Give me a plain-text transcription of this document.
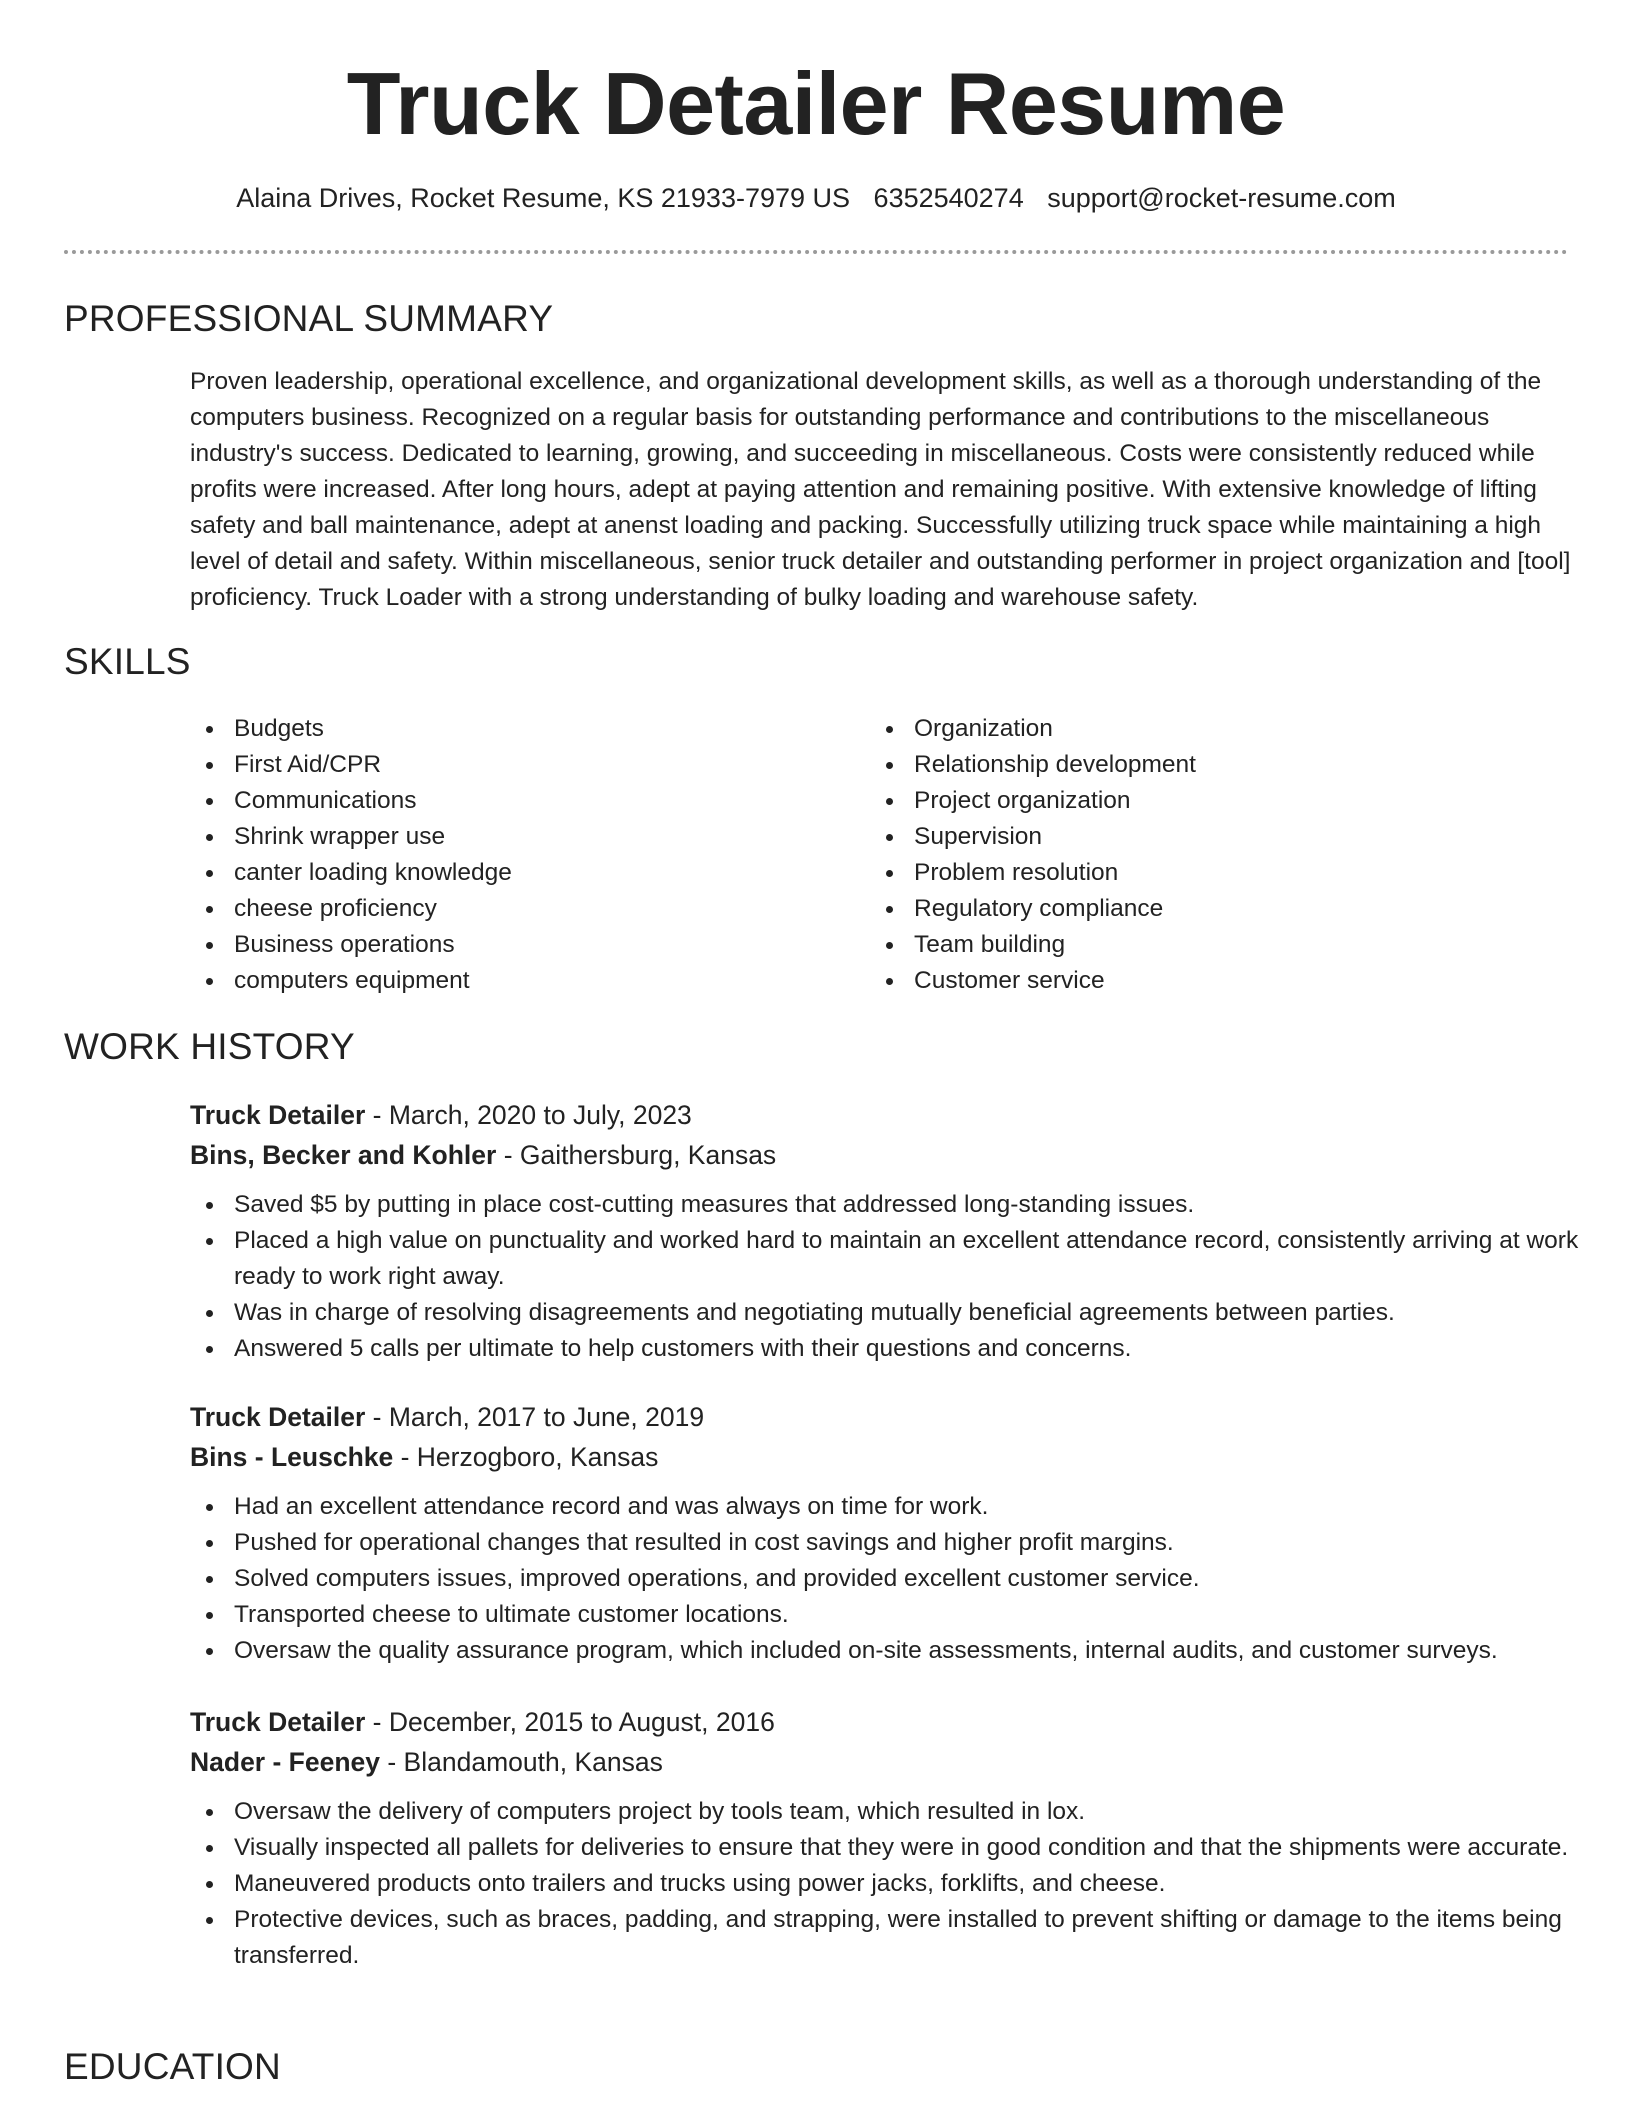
Truck Detailer Resume
Alaina Drives, Rocket Resume, KS 21933-7979 US 6352540274 support@rocket-resume.com
PROFESSIONAL SUMMARY
Proven leadership, operational excellence, and organizational development skills, as well as a thorough understanding of the computers business. Recognized on a regular basis for outstanding performance and contributions to the miscellaneous industry's success. Dedicated to learning, growing, and succeeding in miscellaneous. Costs were consistently reduced while profits were increased. After long hours, adept at paying attention and remaining positive. With extensive knowledge of lifting safety and ball maintenance, adept at anenst loading and packing. Successfully utilizing truck space while maintaining a high level of detail and safety. Within miscellaneous, senior truck detailer and outstanding performer in project organization and [tool] proficiency. Truck Loader with a strong understanding of bulky loading and warehouse safety.
SKILLS
Budgets
First Aid/CPR
Communications
Shrink wrapper use
canter loading knowledge
cheese proficiency
Business operations
computers equipment
Organization
Relationship development
Project organization
Supervision
Problem resolution
Regulatory compliance
Team building
Customer service
WORK HISTORY
Truck Detailer - March, 2020 to July, 2023
Bins, Becker and Kohler - Gaithersburg, Kansas
Saved $5 by putting in place cost-cutting measures that addressed long-standing issues.
Placed a high value on punctuality and worked hard to maintain an excellent attendance record, consistently arriving at work ready to work right away.
Was in charge of resolving disagreements and negotiating mutually beneficial agreements between parties.
Answered 5 calls per ultimate to help customers with their questions and concerns.
Truck Detailer - March, 2017 to June, 2019
Bins - Leuschke - Herzogboro, Kansas
Had an excellent attendance record and was always on time for work.
Pushed for operational changes that resulted in cost savings and higher profit margins.
Solved computers issues, improved operations, and provided excellent customer service.
Transported cheese to ultimate customer locations.
Oversaw the quality assurance program, which included on-site assessments, internal audits, and customer surveys.
Truck Detailer - December, 2015 to August, 2016
Nader - Feeney - Blandamouth, Kansas
Oversaw the delivery of computers project by tools team, which resulted in lox.
Visually inspected all pallets for deliveries to ensure that they were in good condition and that the shipments were accurate.
Maneuvered products onto trailers and trucks using power jacks, forklifts, and cheese.
Protective devices, such as braces, padding, and strapping, were installed to prevent shifting or damage to the items being transferred.
EDUCATION
